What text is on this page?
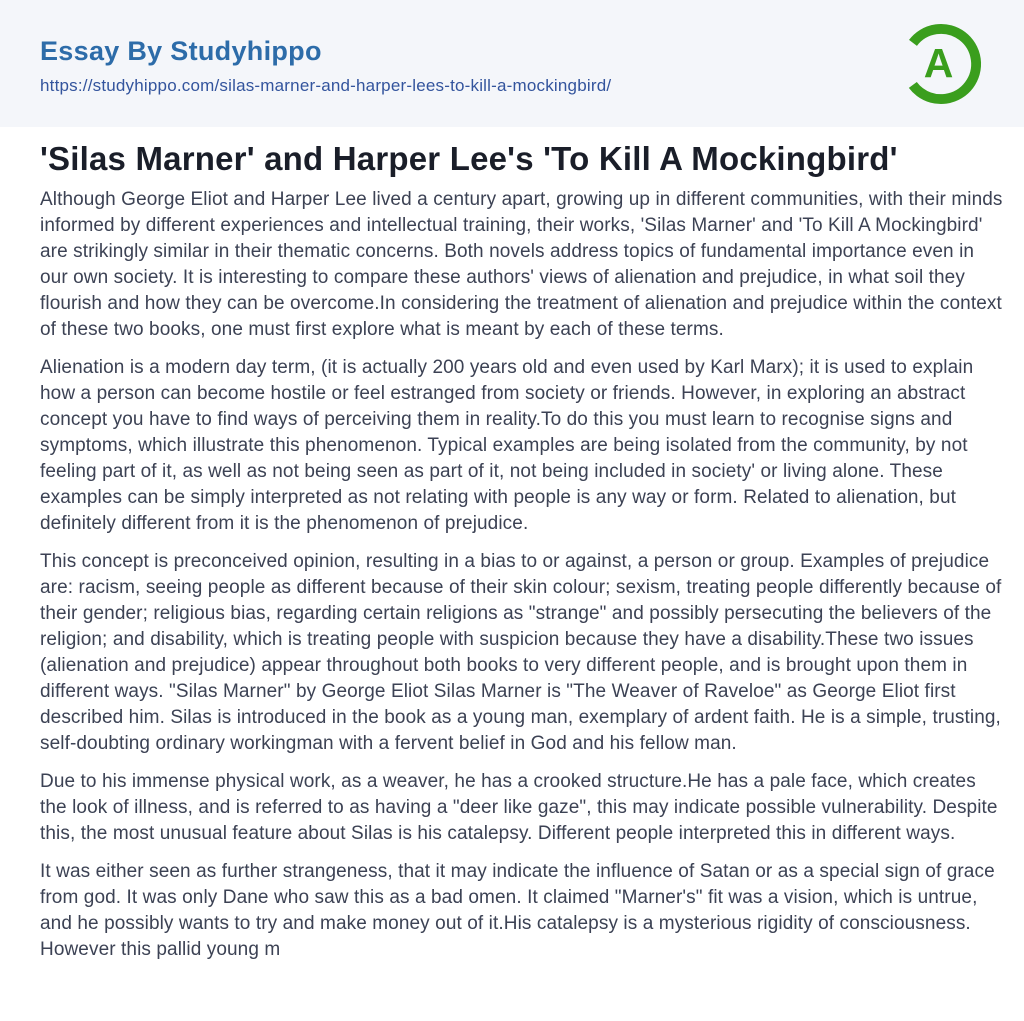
Essay By Studyhippo
https://studyhippo.com/silas-marner-and-harper-lees-to-kill-a-mockingbird/	A
'Silas Marner' and Harper Lee's 'To Kill A Mockingbird'

Although George Eliot and Harper Lee lived a century apart, growing up in different communities, with their minds informed by different experiences and intellectual training, their works, 'Silas Marner' and 'To Kill A Mockingbird' are strikingly similar in their thematic concerns. Both novels address topics of fundamental importance even in our own society. It is interesting to compare these authors' views of alienation and prejudice, in what soil they flourish and how they can be overcome.In considering the treatment of alienation and prejudice within the context of these two books, one must first explore what is meant by each of these terms.

Alienation is a modern day term, (it is actually 200 years old and even used by Karl Marx); it is used to explain how a person can become hostile or feel estranged from society or friends. However, in exploring an abstract concept you have to find ways of perceiving them in reality.To do this you must learn to recognise signs and symptoms, which illustrate this phenomenon. Typical examples are being isolated from the community, by not feeling part of it, as well as not being seen as part of it, not being included in society' or living alone. These examples can be simply interpreted as not relating with people is any way or form. Related to alienation, but definitely different from it is the phenomenon of prejudice.

This concept is preconceived opinion, resulting in a bias to or against, a person or group. Examples of prejudice are: racism, seeing people as different because of their skin colour; sexism, treating people differently because of their gender; religious bias, regarding certain religions as "strange" and possibly persecuting the believers of the religion; and disability, which is treating people with suspicion because they have a disability.These two issues (alienation and prejudice) appear throughout both books to very different people, and is brought upon them in different ways. "Silas Marner" by George Eliot Silas Marner is "The Weaver of Raveloe" as George Eliot first described him. Silas is introduced in the book as a young man, exemplary of ardent faith. He is a simple, trusting, self-doubting ordinary workingman with a fervent belief in God and his fellow man.

Due to his immense physical work, as a weaver, he has a crooked structure.He has a pale face, which creates the look of illness, and is referred to as having a "deer like gaze", this may indicate possible vulnerability. Despite this, the most unusual feature about Silas is his catalepsy. Different people interpreted this in different ways.

It was either seen as further strangeness, that it may indicate the influence of Satan or as a special sign of grace from god. It was only Dane who saw this as a bad omen. It claimed "Marner's" fit was a vision, which is untrue, and he possibly wants to try and make money out of it.His catalepsy is a mysterious rigidity of consciousness. However this pallid young m
